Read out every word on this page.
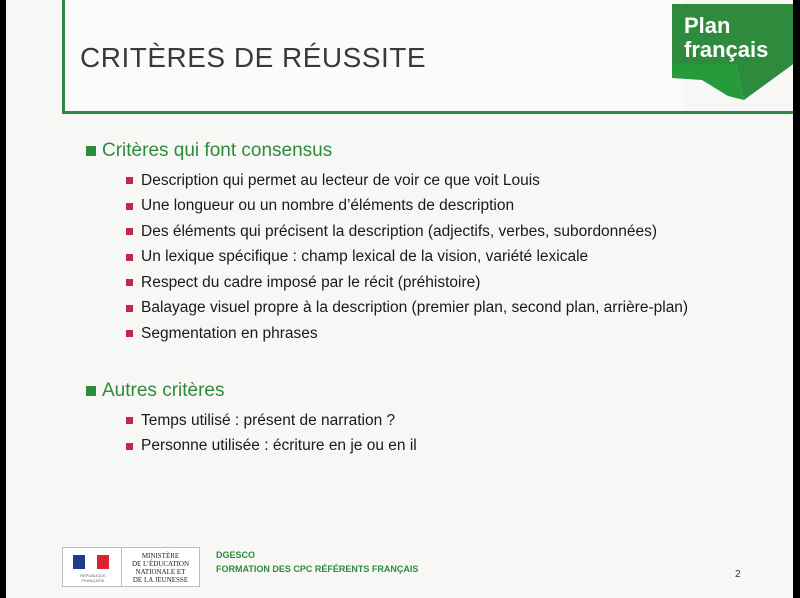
CRITÈRES DE RÉUSSITE
Plan
français
Critères qui font consensus
Description qui permet au lecteur de voir ce que voit Louis
Une longueur ou un nombre d’éléments de description
Des éléments qui précisent la description (adjectifs, verbes, subordonnées)
Un lexique spécifique : champ lexical de la vision, variété lexicale
Respect du cadre imposé par le récit (préhistoire)
Balayage visuel propre à la description (premier plan, second plan, arrière-plan)
Segmentation en phrases
Autres critères
Temps utilisé : présent de narration ?
Personne utilisée : écriture en je ou en il
RÉPUBLIQUE FRANÇAISE
MINISTÈRE
DE L’ÉDUCATION
NATIONALE ET
DE LA JEUNESSE
DGESCO
FORMATION DES CPC RÉFÉRENTS FRANÇAIS	2
